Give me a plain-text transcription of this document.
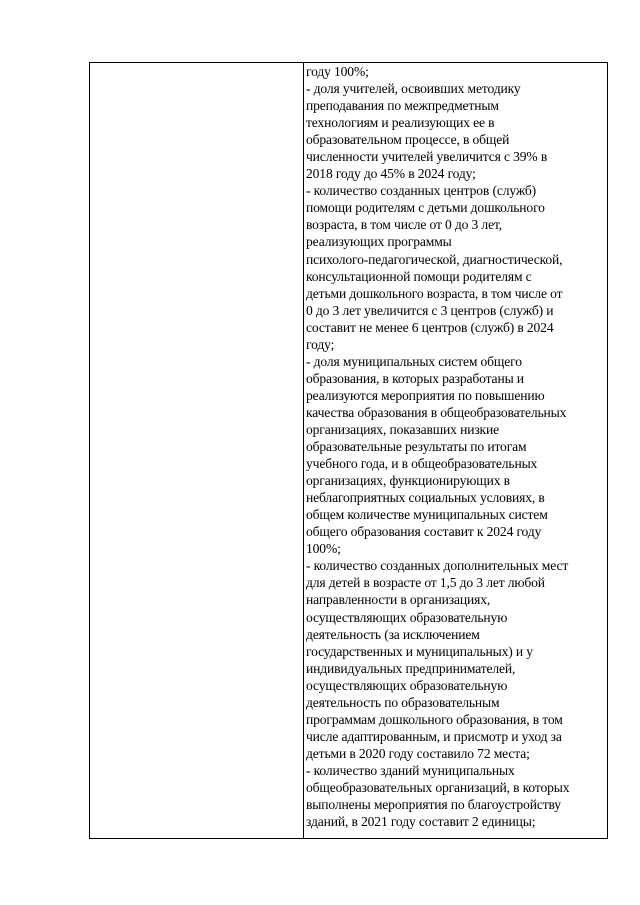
году 100%;
- доля учителей, освоивших методику
преподавания по межпредметным
технологиям и реализующих ее в
образовательном процессе, в общей
численности учителей увеличится с 39% в
2018 году до 45% в 2024 году;
- количество созданных центров (служб)
помощи родителям с детьми дошкольного
возраста, в том числе от 0 до 3 лет,
реализующих программы
психолого-педагогической, диагностической,
консультационной помощи родителям с
детьми дошкольного возраста, в том числе от
0 до 3 лет увеличится с 3 центров (служб) и
составит не менее 6 центров (служб) в 2024
году;
- доля муниципальных систем общего
образования, в которых разработаны и
реализуются мероприятия по повышению
качества образования в общеобразовательных
организациях, показавших низкие
образовательные результаты по итогам
учебного года, и в общеобразовательных
организациях, функционирующих в
неблагоприятных социальных условиях, в
общем количестве муниципальных систем
общего образования составит к 2024 году
100%;
- количество созданных дополнительных мест
для детей в возрасте от 1,5 до 3 лет любой
направленности в организациях,
осуществляющих образовательную
деятельность (за исключением
государственных и муниципальных) и у
индивидуальных предпринимателей,
осуществляющих образовательную
деятельность по образовательным
программам дошкольного образования, в том
числе адаптированным, и присмотр и уход за
детьми в 2020 году составило 72 места;
- количество зданий муниципальных
общеобразовательных организаций, в которых
выполнены мероприятия по благоустройству
зданий, в 2021 году составит 2 единицы;
